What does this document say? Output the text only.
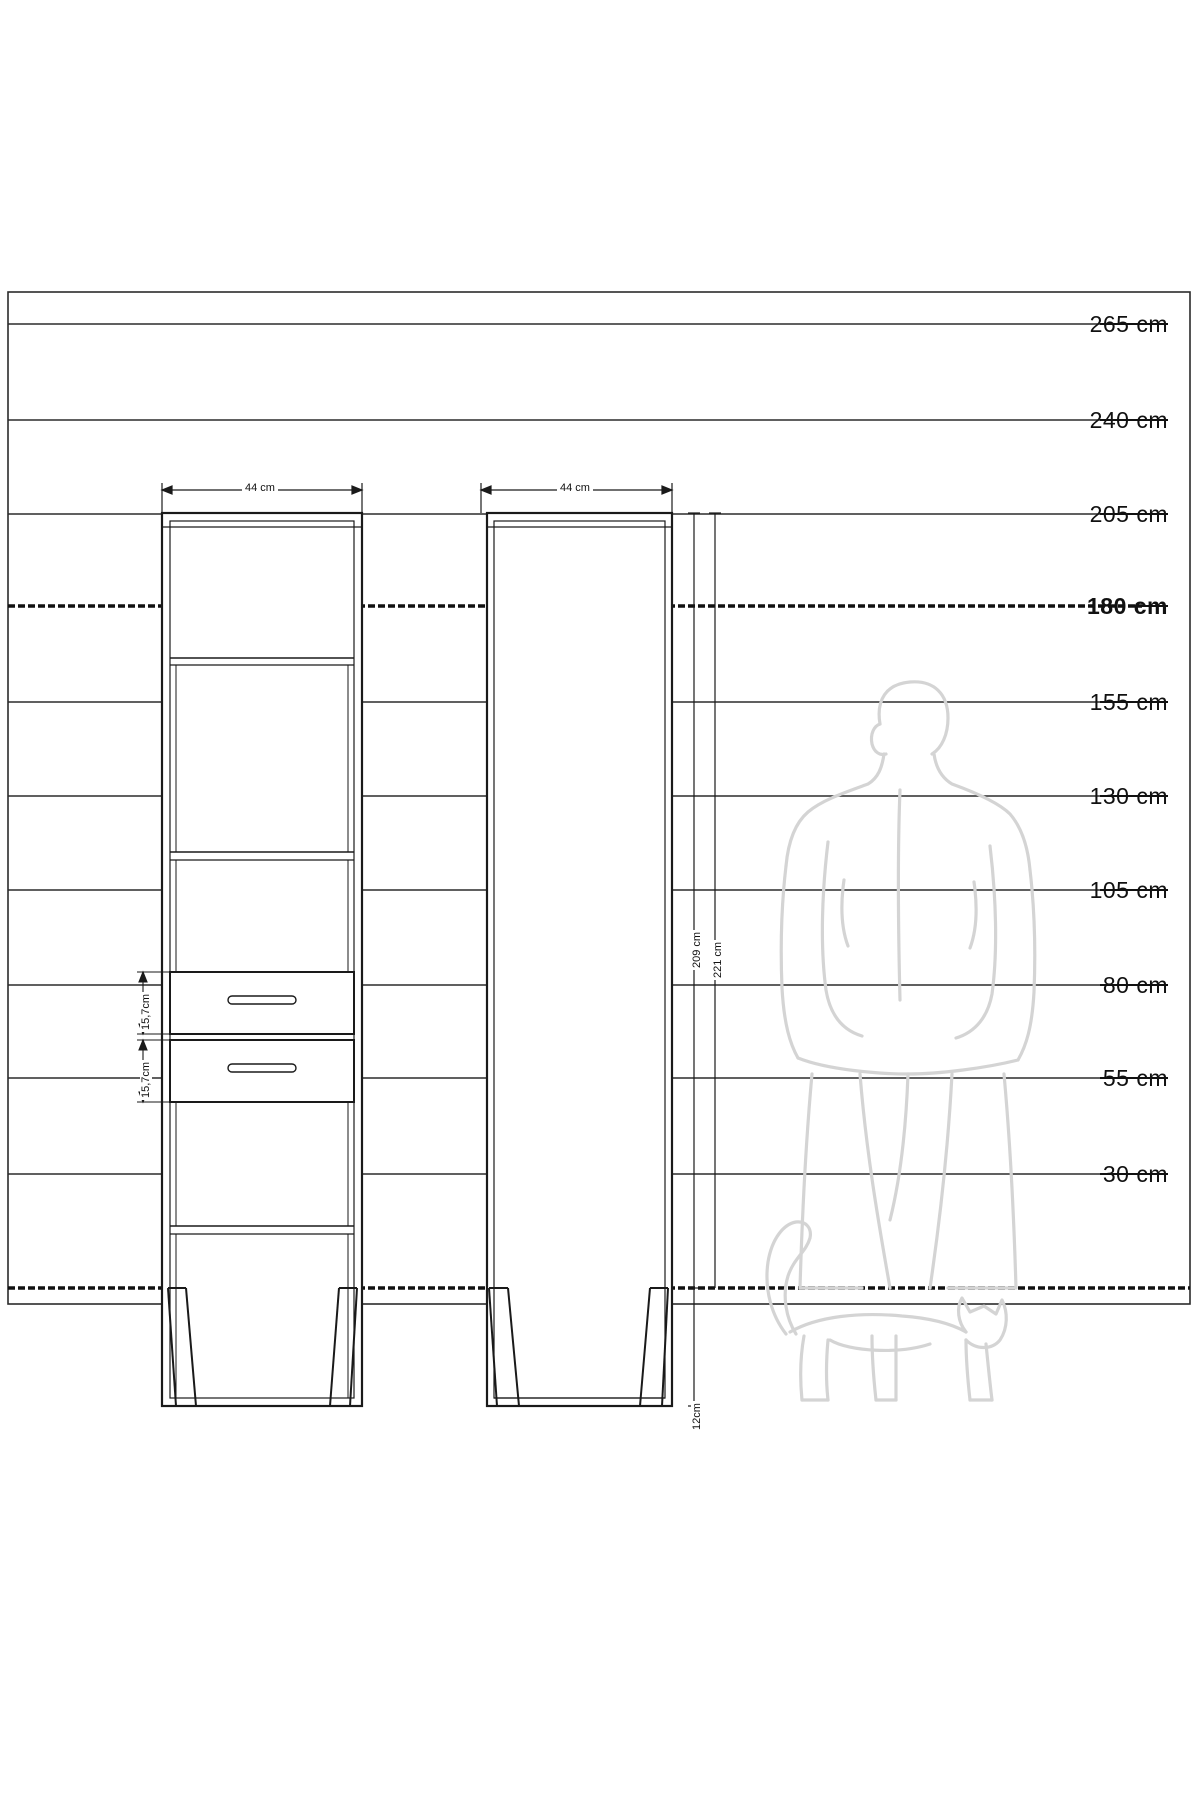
265 cm
240 cm
205 cm
180 cm
155 cm
130 cm
105 cm
80 cm
55 cm
30 cm
44 cm	44 cm
15,7cm
15,7cm
209 cm 221 cm
12cm
